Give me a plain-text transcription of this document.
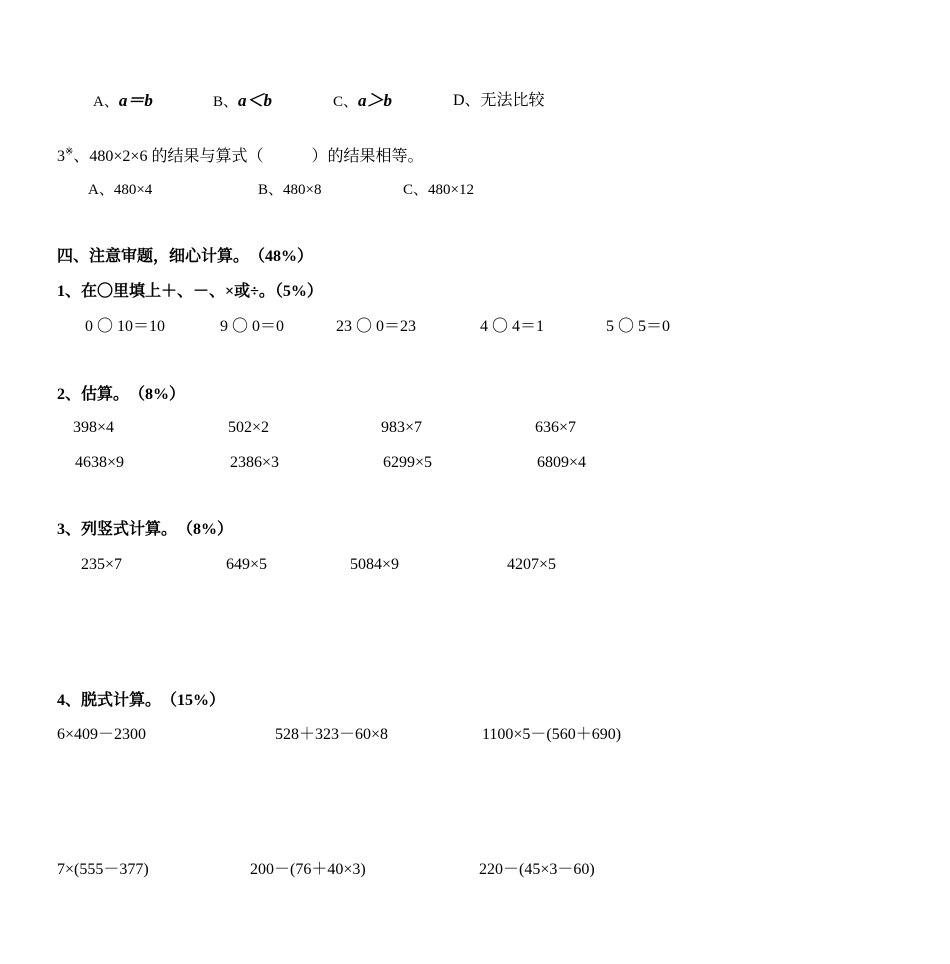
A、a＝b	B、a＜b	C、a＞b	D、无法比较
3※、480×2×6 的结果与算式（　　　）的结果相等。
A、480×4	B、480×8	C、480×12
四、注意审题，细心计算。　（48%）
1、在〇里填上＋、－、×或÷。（5%）
0 〇 10＝10	9 〇 0＝0	23 〇 0＝23	4 〇 4＝1	5 〇 5＝0
2、估算。　（8%）
398×4	502×2	983×7	636×7
4638×9	2386×3	6299×5	6809×4
3、列竖式计算。　（8%）
235×7	649×5	5084×9	4207×5
4、脱式计算。　（15%）
6×409－2300	528＋323－60×8	1100×5－(560＋690)
7×(555－377)	200－(76＋40×3)	220－(45×3－60)
